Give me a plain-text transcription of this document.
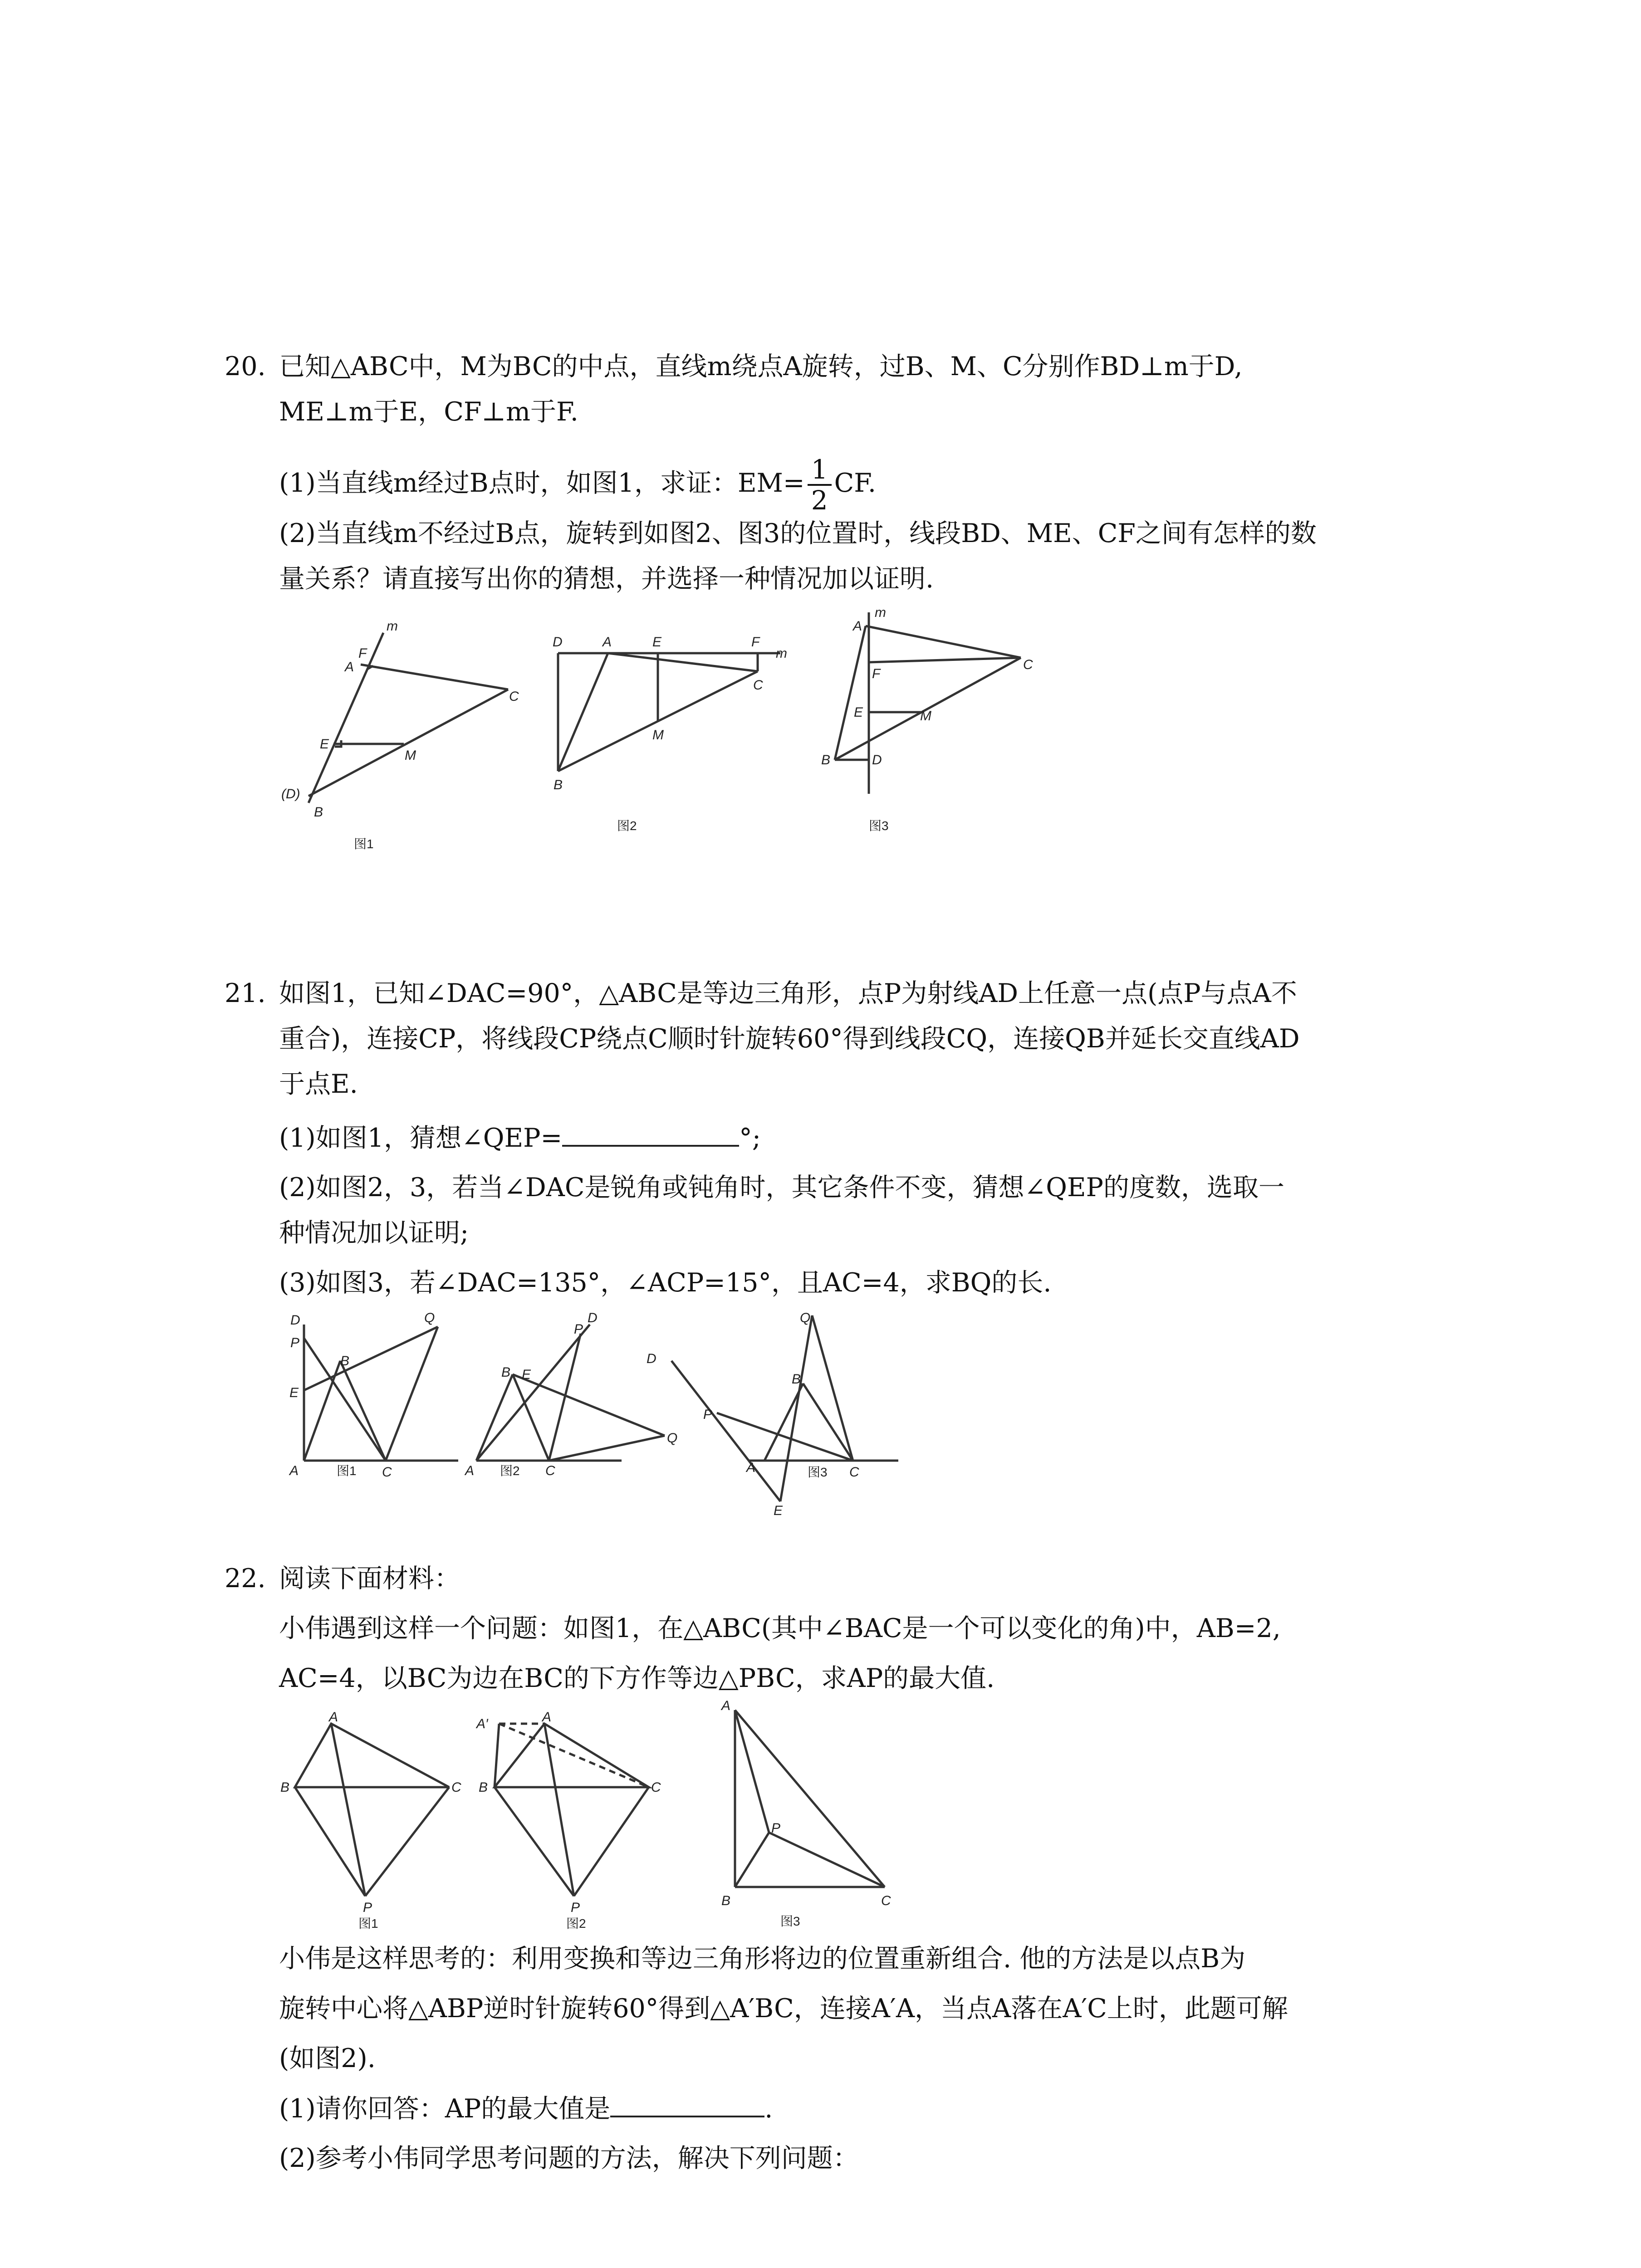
20. 已知△ABC中，M为BC的中点，直线m绕点A旋转，过B、M、C分别作BD⊥m于D,
ME⊥m于E，CF⊥m于F.
(1)当直线m经过B点时，如图1，求证：$EM= \frac{1}{2}$ CF.
(2)当直线m不经过B点，旋转到如图2、图3的位置时，线段BD、ME、CF之间有怎样的数
量关系？请直接写出你的猜想，并选择一种情况加以证明.
m
F
A
C
E
M
(D)
B
图1
D	A	E	F
m
C
M
B
图2
m
A
C
F
E	M
B	D
图3
21. 如图1，已知∠DAC=90°，△ABC是等边三角形，点P为射线AD上任意一点(点P与点A不
重合)，连接CP，将线段CP绕点C顺时针旋转60°得到线段CQ，连接QB并延长交直线AD
于点E.
(1)如图1，猜想∠QEP=	°;
(2)如图2，3，若当∠DAC是锐角或钝角时，其它条件不变，猜想∠QEP的度数，选取一
种情况加以证明;
(3)如图3，若∠DAC=135°，∠ACP=15°，且AC=4，求BQ的长.
D
P
Q
B
E
A	C
图1
P
D
B E
Q
A	C
图2
Q
D
B
P
A
E
C
图3
22. 阅读下面材料：
小伟遇到这样一个问题：如图1，在△ABC(其中∠BAC是一个可以变化的角)中，AB=2,
AC=4，以BC为边在BC的下方作等边△PBC，求AP的最大值.
A
B	C
P
图1
A′	A
B	C
P
图2
A
P
B	C
图3
小伟是这样思考的：利用变换和等边三角形将边的位置重新组合. 他的方法是以点B为
旋转中心将△ABP逆时针旋转60°得到△A′BC，连接A′A，当点A落在A′C上时，此题可解
(如图2).
(1)请你回答：AP的最大值是	.
(2)参考小伟同学思考问题的方法，解决下列问题：
